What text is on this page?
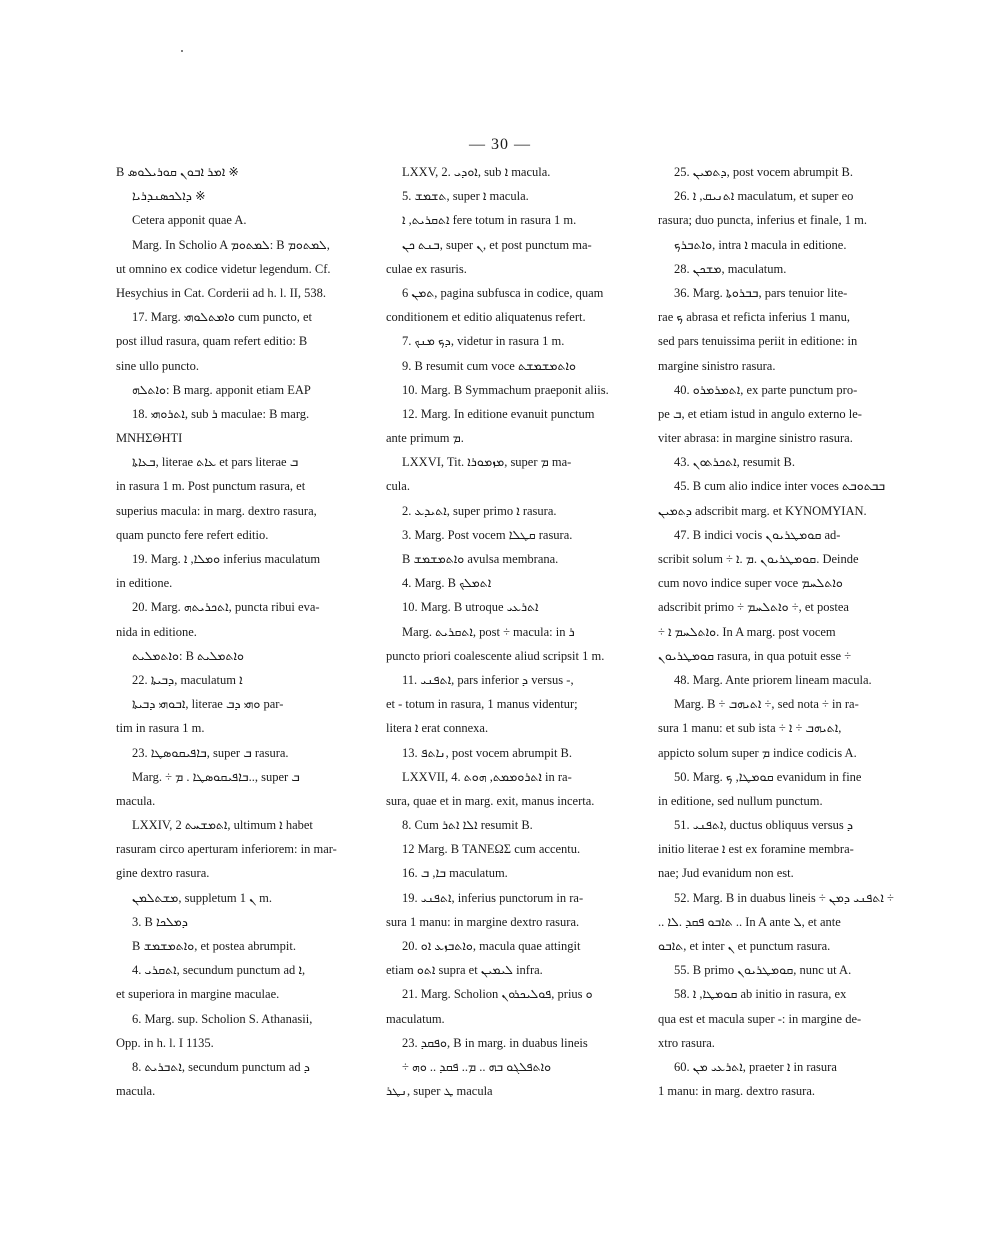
— 30 —
B ܐܡܪ ܐܒܘܢ ܩܘܪܝܠܘܣ ※
ܕܐܠܟܣܢܕܪܝܐ ※
Cetera apponit quae A.
Marg. In Scholio A ܠܡܬܘܡ: B ܠܡܬܘܡ,
ut omnino ex codice videtur legendum. Cf.
Hesychius in Cat. Corderii ad h. l. II, 538.
17. Marg. ܘܐܡܬܠܘܗܝ cum puncto, et
post illud rasura, quam refert editio: B
sine ullo puncto.
ܘܐܬܠܗ: B marg. apponit etiam ΕΑΡ
18. ܐܬܪܘܗܝ, sub ܪ maculae: B marg.
ΜΝΗΣΘΗΤΙ
ܒܥܐܬܐ, literae ܥܐܬ et pars literae ܒ
in rasura 1 m. Post punctum rasura, et
superius macula: in marg. dextro rasura,
quam puncto fere refert editio.
19. Marg. ܘܡܠܐ, ܐ inferius maculatum
in editione.
20. Marg. ܐܬܟܪܝܬܗ, puncta ribui eva-
nida in editione.
ܘܐܬܡܠܝܬ: B ܘܐܬܡܠܝܬ
22. ܕܒܝܬܐ, maculatum ܐ
ܐܒܘܗܝ ܕܒܝܬܐ, literae ܘܗܝ ܕܒ par-
tim in rasura 1 m.
23. ܒܐܦܝܩܘܣܛܐ, super ܒ rasura.
Marg. ÷ ܒܐܦܝܩܘܣܛܐ . ܡ.., super ܒ
macula.
LXXIV, 2 ܐܬܡܫܚܬ, ultimum ܐ habet
rasuram circo aperturam inferiorem: in mar-
gine dextro rasura.
ܡܫܬܠܡܢ, suppletum ܢ 1 m.
3. B ܕܡܠܟܐ
B ܘܐܬܡܫܡܫ, et postea abrumpit.
4. ܐܬܩܪܝ, secundum punctum ad ܐ,
et superiora in margine maculae.
6. Marg. sup. Scholion S. Athanasii,
Opp. in h. l. I 1135.
8. ܐܬܒܪܝܬ, secundum punctum ad ܕ
macula.
LXXV, 2. ܐܘܕܝ, sub ܐ macula.
5. ܬܫܡܫ, super ܐ macula.
ܐܬܩܪܝܬ, ܐ fere totum in rasura 1 m.
ܒܢܬ ܟܢ, super ܢ, et post punctum ma-
culae ex rasuris.
6 ܬܡܢ, pagina subfusca in codice, quam
conditionem et editio aliquatenus refert.
7. ܕܟ ܡܢܟ, videtur in rasura 1 m.
9. B resumit cum voce ܘܐܬܡܫܡܫܬ
10. Marg. B Symmachum praeponit aliis.
12. Marg. In editione evanuit punctum
ante primum ܡ.
LXXVI, Tit. ܡܙܡܘܪܐ, super ܡ ma-
cula.
2. ܐܬܝܕܥ, super primo ܐ rasura.
3. Marg. Post vocem ܩܛܠܐ rasura.
B ܘܐܬܡܫܡܫ avulsa membrana.
4. Marg. B ܐܬܡܠܟ
10. Marg. B utroque ܐܬܪܥܝ
Marg. ܐܬܩܪܝܬ, post ÷ macula: in ܪ
puncto priori coalescente aliud scripsit 1 m.
11. ܐܬܦܢܝ, pars inferior ܕ versus -,
et - totum in rasura, 1 manus videntur;
litera ܐ erat connexa.
13. ܢܐܬܦ, post vocem abrumpit B.
LXXVII, 4. ܐܬܪܘܡܡܬ, ܗܘܬ in ra-
sura, quae et in marg. exit, manus incerta.
8. Cum ܐܠܐ ܐܬܪ resumit B.
12 Marg. B ΤΑΝΕΩΣ cum accentu.
16. ܒܐ, ܒ maculatum.
19. ܐܬܦܢܝ, inferius punctorum in ra-
sura 1 manu: in margine dextro rasura.
20. ܘܐܬܒܙܥ ܐܘ, macula quae attingit
etiam ܐܬܘ supra et ܠܝܡܝܢ infra.
21. Marg. Scholion ܦܘܠܝܟܪܘܢ, prius ܘ
maculatum.
23. ܘܦܩܕ, B in marg. in duabus lineis
÷ ܘܐܬܦܠܓܘ ܒܗ .. ܡ.. ܦܩܕ .. ܘܗ
ܢܛܪ, super ܛ macula
25. ܕܬܡܝܢ, post vocem abrumpit B.
26. ܐܬܢܝܩ, ܐ maculatum, et super eo
rasura; duo puncta, inferius et finale, 1 m.
ܘܐܬܒܪܟ, intra ܐ macula in editione.
28. ܡܫܟܢ, maculatum.
36. Marg. ܒܒܪܘܬܐ, pars tenuior lite-
rae ܟ abrasa et reficta inferius 1 manu,
sed pars tenuissima periit in editione: in
margine sinistro rasura.
40. ܐܬܡܪܡܪܘ, ex parte punctum pro-
pe ܒ, et etiam istud in angulo externo le-
viter abrasa: in margine sinistro rasura.
43. ܐܬܟܪܬܘܢ, resumit B.
45. B cum alio indice inter voces ܒܒܬܘܒܬ
ܕܬܡܝܢ adscribit marg. et ΚΥΝΟΜΥΙΑΝ.
47. B indici vocis ܩܘܡܛܪܝܘܢ ad-
scribit solum ÷ ܩܘܡܛܪܝܘܢ .ܡ .ܐ. Deinde
cum novo indice super voce ܘܐܬܠܚܡ
adscribit primo ÷ ܘܐܬܠܚܡ ÷, et postea
÷ ܘܐܬܠܚܡ ܐ. In A marg. post vocem
ܩܘܡܛܪܝܘܢ rasura, in qua potuit esse ÷
48. Marg. Ante priorem lineam macula.
Marg. B ÷ ܐܬܝܗܒ ÷, sed nota ÷ in ra-
sura 1 manu: et sub ista ÷ ܐܬܝܗܒ ÷ ܐ,
appicto solum super ܡ indice codicis A.
50. Marg. ܩܘܡܛܐ, ܟ evanidum in fine
in editione, sed nullum punctum.
51. ܐܬܦܢܝ, ductus obliquus versus ܕ
initio literae ܐ est ex foramine membra-
nae; Jud evanidum non est.
52. Marg. B in duabus lineis ÷ ܐܬܦܢܝ ܕܡܢ ÷
.. ܬܐܒܘ ܦܩܕ .ܠܐ .. In A ante ܠ, et ante
ܬܐܒܘ, et inter ܢ et punctum rasura.
55. B primo ܩܘܡܛܪܝܘܢ, nunc ut A.
58. ܩܘܡܛܐ, ܐ ab initio in rasura, ex
qua est et macula super -: in margine de-
xtro rasura.
60. ܐܬܪܥܝ ܡܢ, praeter ܐ in rasura
1 manu: in marg. dextro rasura.
